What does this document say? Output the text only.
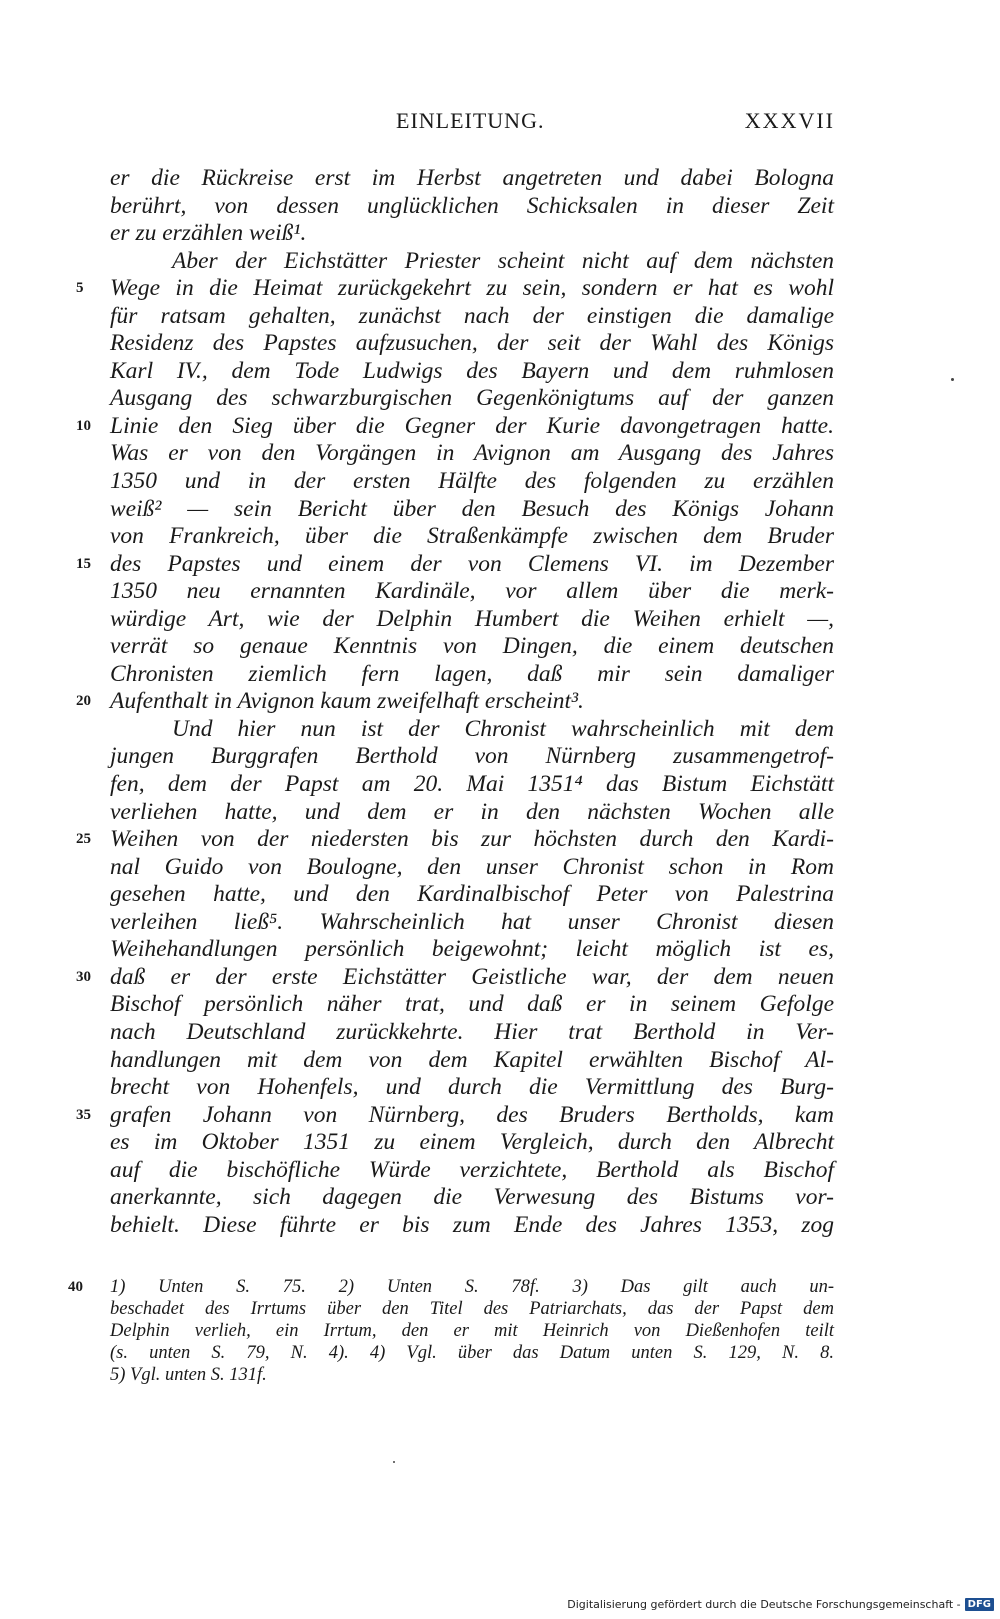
EINLEITUNG.	XXXVII
er die Rückreise erst im Herbst angetreten und dabei Bologna
berührt, von dessen unglücklichen Schicksalen in dieser Zeit
er zu erzählen weiß¹.
Aber der Eichstätter Priester scheint nicht auf dem nächsten
5 Wege in die Heimat zurückgekehrt zu sein, sondern er hat es wohl
für ratsam gehalten, zunächst nach der einstigen die damalige
Residenz des Papstes aufzusuchen, der seit der Wahl des Königs
Karl IV., dem Tode Ludwigs des Bayern und dem ruhmlosen
Ausgang des schwarzburgischen Gegenkönigtums auf der ganzen
10 Linie den Sieg über die Gegner der Kurie davongetragen hatte.
Was er von den Vorgängen in Avignon am Ausgang des Jahres
1350 und in der ersten Hälfte des folgenden zu erzählen
weiß² — sein Bericht über den Besuch des Königs Johann
von Frankreich, über die Straßenkämpfe zwischen dem Bruder
15 des Papstes und einem der von Clemens VI. im Dezember
1350 neu ernannten Kardinäle, vor allem über die merk-
würdige Art, wie der Delphin Humbert die Weihen erhielt —,
verrät so genaue Kenntnis von Dingen, die einem deutschen
Chronisten ziemlich fern lagen, daß mir sein damaliger
20 Aufenthalt in Avignon kaum zweifelhaft erscheint³.
Und hier nun ist der Chronist wahrscheinlich mit dem
jungen Burggrafen Berthold von Nürnberg zusammengetrof-
fen, dem der Papst am 20. Mai 1351⁴ das Bistum Eichstätt
verliehen hatte, und dem er in den nächsten Wochen alle
25 Weihen von der niedersten bis zur höchsten durch den Kardi-
nal Guido von Boulogne, den unser Chronist schon in Rom
gesehen hatte, und den Kardinalbischof Peter von Palestrina
verleihen ließ⁵. Wahrscheinlich hat unser Chronist diesen
Weihehandlungen persönlich beigewohnt; leicht möglich ist es,
30 daß er der erste Eichstätter Geistliche war, der dem neuen
Bischof persönlich näher trat, und daß er in seinem Gefolge
nach Deutschland zurückkehrte. Hier trat Berthold in Ver-
handlungen mit dem von dem Kapitel erwählten Bischof Al-
brecht von Hohenfels, und durch die Vermittlung des Burg-
35 grafen Johann von Nürnberg, des Bruders Bertholds, kam
es im Oktober 1351 zu einem Vergleich, durch den Albrecht
auf die bischöfliche Würde verzichtete, Berthold als Bischof
anerkannte, sich dagegen die Verwesung des Bistums vor-
behielt. Diese führte er bis zum Ende des Jahres 1353, zog
40 1) Unten S. 75. 2) Unten S. 78f. 3) Das gilt auch un-
beschadet des Irrtums über den Titel des Patriarchats, das der Papst dem
Delphin verlieh, ein Irrtum, den er mit Heinrich von Dießenhofen teilt
(s. unten S. 79, N. 4). 4) Vgl. über das Datum unten S. 129, N. 8.
5) Vgl. unten S. 131f.
Digitalisierung gefördert durch die Deutsche Forschungsgemeinschaft - DFG
